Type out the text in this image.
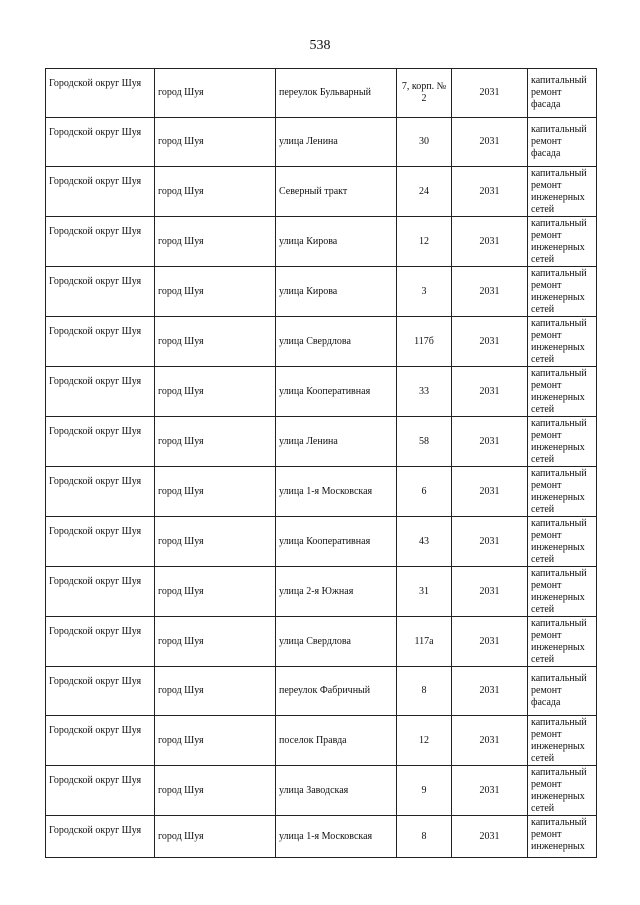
538
Городской округ Шуя	город Шуя	переулок Бульварный	7, корп. № 2	2031	капитальный ремонт фасада
Городской округ Шуя	город Шуя	улица Ленина	30	2031	капитальный ремонт фасада
Городской округ Шуя	город Шуя	Северный тракт	24	2031	капитальный ремонт инженерных сетей
Городской округ Шуя	город Шуя	улица Кирова	12	2031	капитальный ремонт инженерных сетей
Городской округ Шуя	город Шуя	улица Кирова	3	2031	капитальный ремонт инженерных сетей
Городской округ Шуя	город Шуя	улица Свердлова	117б	2031	капитальный ремонт инженерных сетей
Городской округ Шуя	город Шуя	улица Кооперативная	33	2031	капитальный ремонт инженерных сетей
Городской округ Шуя	город Шуя	улица Ленина	58	2031	капитальный ремонт инженерных сетей
Городской округ Шуя	город Шуя	улица 1-я Московская	6	2031	капитальный ремонт инженерных сетей
Городской округ Шуя	город Шуя	улица Кооперативная	43	2031	капитальный ремонт инженерных сетей
Городской округ Шуя	город Шуя	улица 2-я Южная	31	2031	капитальный ремонт инженерных сетей
Городской округ Шуя	город Шуя	улица Свердлова	117а	2031	капитальный ремонт инженерных сетей
Городской округ Шуя	город Шуя	переулок Фабричный	8	2031	капитальный ремонт фасада
Городской округ Шуя	город Шуя	поселок Правда	12	2031	капитальный ремонт инженерных сетей
Городской округ Шуя	город Шуя	улица Заводская	9	2031	капитальный ремонт инженерных сетей
Городской округ Шуя	город Шуя	улица 1-я Московская	8	2031	капитальный ремонт инженерных
